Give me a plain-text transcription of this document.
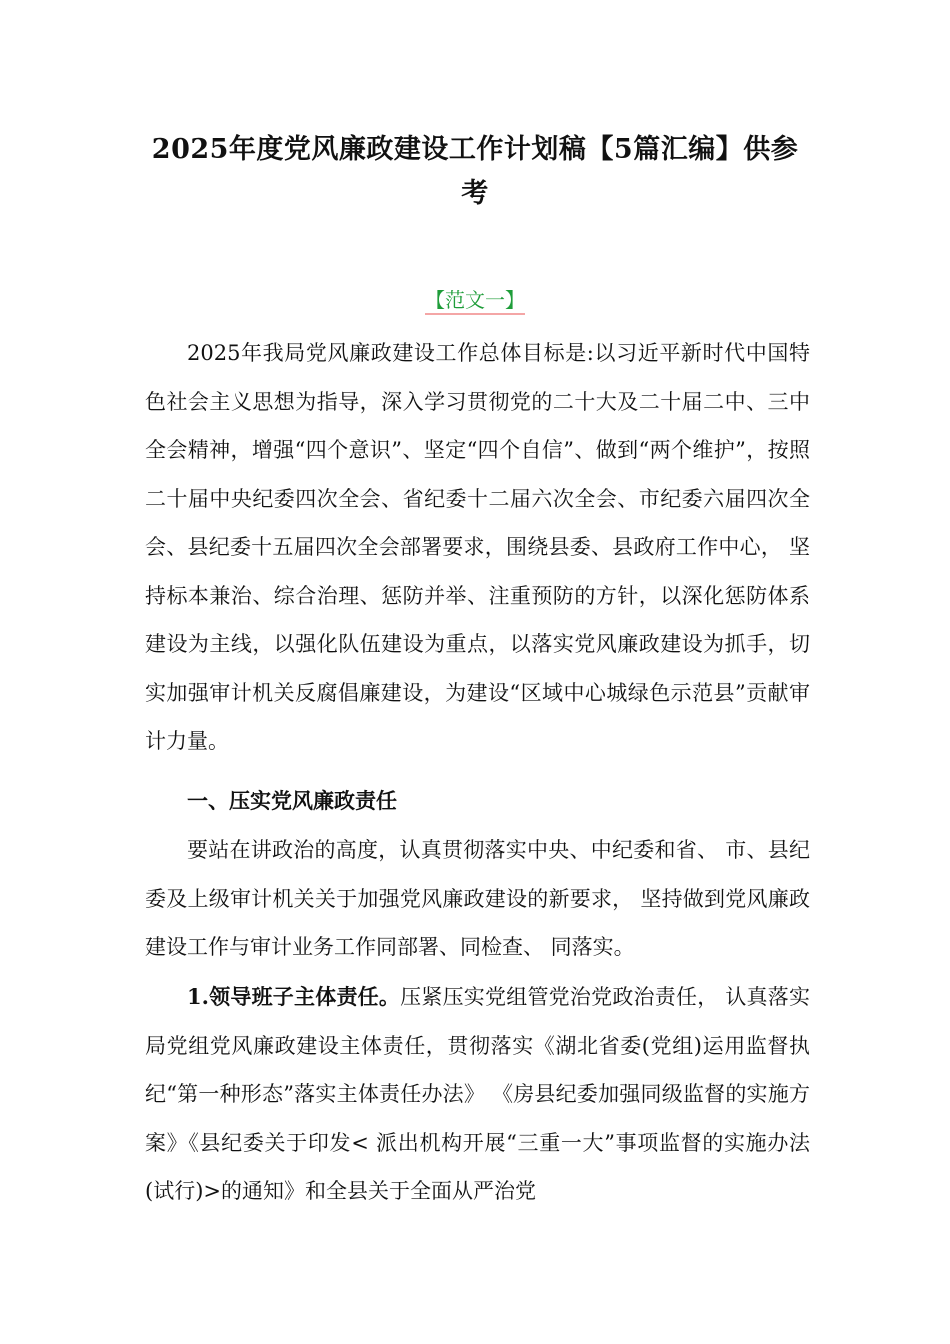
2025年度党风廉政建设工作计划稿【5篇汇编】供参考
【范文一】

2025年我局党风廉政建设工作总体目标是:以习近平新时代中国特色社会主义思想为指导，深入学习贯彻党的二十大及二十届二中、三中全会精神，增强“四个意识”、坚定“四个自信”、做到“两个维护”，按照二十届中央纪委四次全会、省纪委十二届六次全会、市纪委六届四次全会、县纪委十五届四次全会部署要求，围绕县委、县政府工作中心， 坚持标本兼治、综合治理、惩防并举、注重预防的方针，以深化惩防体系建设为主线，以强化队伍建设为重点，以落实党风廉政建设为抓手，切实加强审计机关反腐倡廉建设，为建设“区域中心城绿色示范县”贡献审计力量。

一、压实党风廉政责任

要站在讲政治的高度，认真贯彻落实中央、中纪委和省、 市、县纪委及上级审计机关关于加强党风廉政建设的新要求， 坚持做到党风廉政建设工作与审计业务工作同部署、同检查、 同落实。

1.领导班子主体责任。压紧压实党组管党治党政治责任， 认真落实局党组党风廉政建设主体责任，贯彻落实《湖北省委(党组)运用监督执纪“第一种形态”落实主体责任办法》 《房县纪委加强同级监督的实施方案》《县纪委关于印发< 派出机构开展“三重一大”事项监督的实施办法(试行)>的通知》和全县关于全面从严治党
